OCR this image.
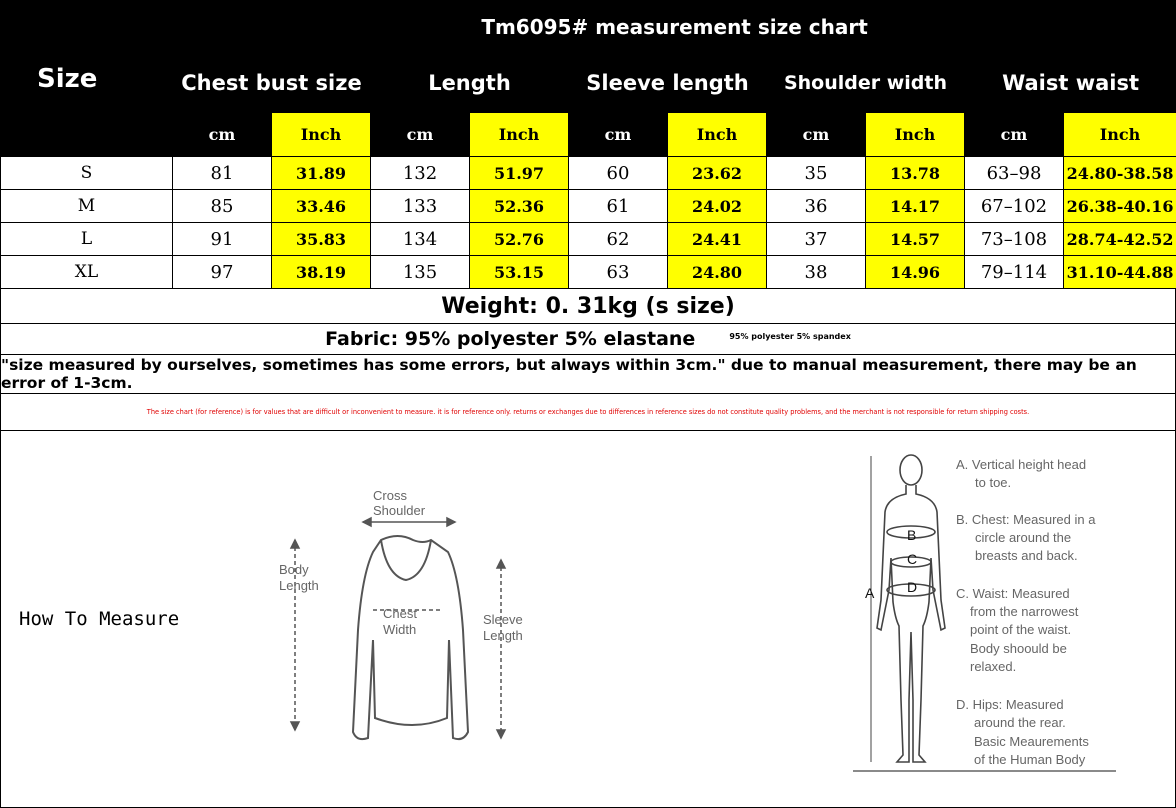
Size	Tm6095# measurement size chart									
	Chest bust size		Length		Sleeve length		Shoulder width		Waist waist	
	cm	Inch	cm	Inch	cm	Inch	cm	Inch	cm	Inch
S	81	31.89	132	51.97	60	23.62	35	13.78	63–98	24.80-38.58
M	85	33.46	133	52.36	61	24.02	36	14.17	67–102	26.38-40.16
L	91	35.83	134	52.76	62	24.41	37	14.57	73–108	28.74-42.52
XL	97	38.19	135	53.15	63	24.80	38	14.96	79–114	31.10-44.88
Weight: 0. 31kg (s size)
Fabric: 95% polyester 5% elastane	95% polyester 5% spandex
"size measured by ourselves, sometimes has some errors, but always within 3cm." due to manual measurement, there may be an error of 1-3cm.
The size chart (for reference) is for values that are difficult or inconvenient to measure. it is for reference only. returns or exchanges due to differences in reference sizes do not constitute quality problems, and the merchant is not responsible for return shipping costs.
How To Measure
Cross
Shoulder
Body
Length
Chest
Width
Sleeve
Length
A
B
C
D
A. Vertical height head
to toe.
B. Chest: Measured in a
circle around the
breasts and back.
C. Waist: Measured
from the narrowest
point of the waist.
Body shoould be
relaxed.
D. Hips: Measured
around the rear.
Basic Meaurements
of the Human Body
